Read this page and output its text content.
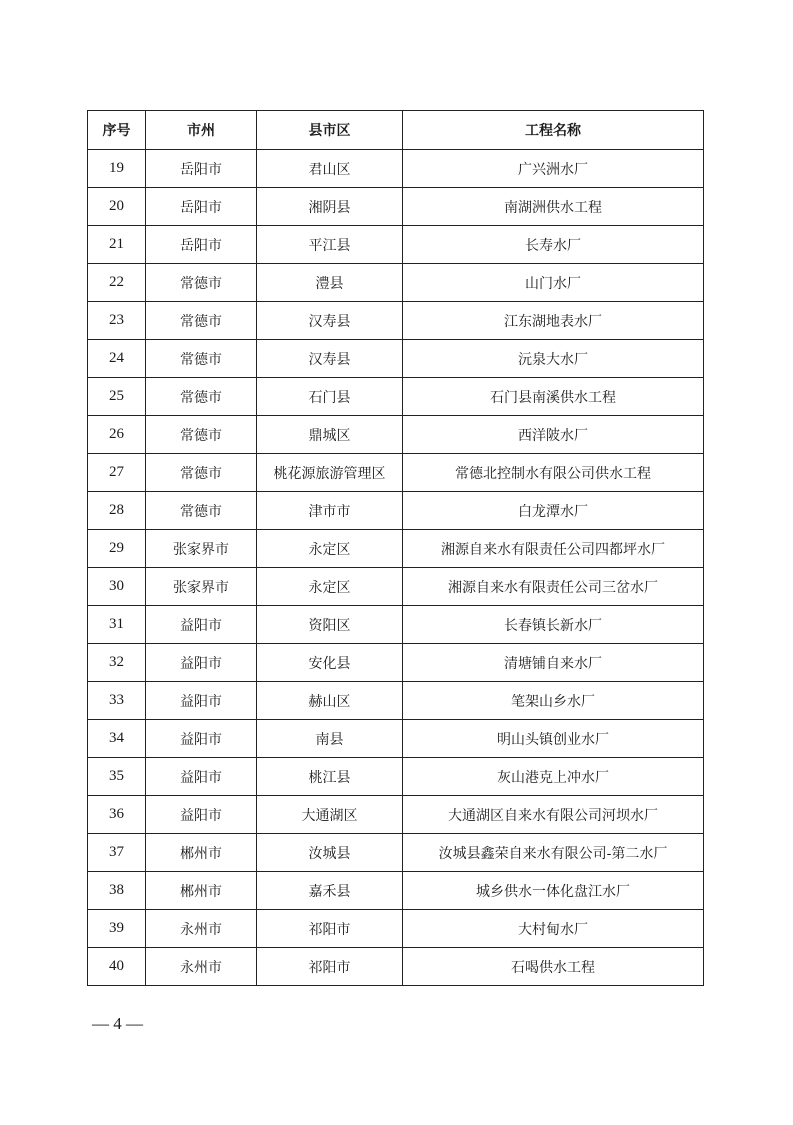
序号	市州	县市区	工程名称
19	岳阳市	君山区	广兴洲水厂
20	岳阳市	湘阴县	南湖洲供水工程
21	岳阳市	平江县	长寿水厂
22	常德市	澧县	山门水厂
23	常德市	汉寿县	江东湖地表水厂
24	常德市	汉寿县	沅泉大水厂
25	常德市	石门县	石门县南溪供水工程
26	常德市	鼎城区	西洋陂水厂
27	常德市	桃花源旅游管理区	常德北控制水有限公司供水工程
28	常德市	津市市	白龙潭水厂
29	张家界市	永定区	湘源自来水有限责任公司四都坪水厂
30	张家界市	永定区	湘源自来水有限责任公司三岔水厂
31	益阳市	资阳区	长春镇长新水厂
32	益阳市	安化县	清塘铺自来水厂
33	益阳市	赫山区	笔架山乡水厂
34	益阳市	南县	明山头镇创业水厂
35	益阳市	桃江县	灰山港克上冲水厂
36	益阳市	大通湖区	大通湖区自来水有限公司河坝水厂
37	郴州市	汝城县	汝城县鑫荣自来水有限公司-第二水厂
38	郴州市	嘉禾县	城乡供水一体化盘江水厂
39	永州市	祁阳市	大村甸水厂
40	永州市	祁阳市	石喝供水工程
— 4 —
